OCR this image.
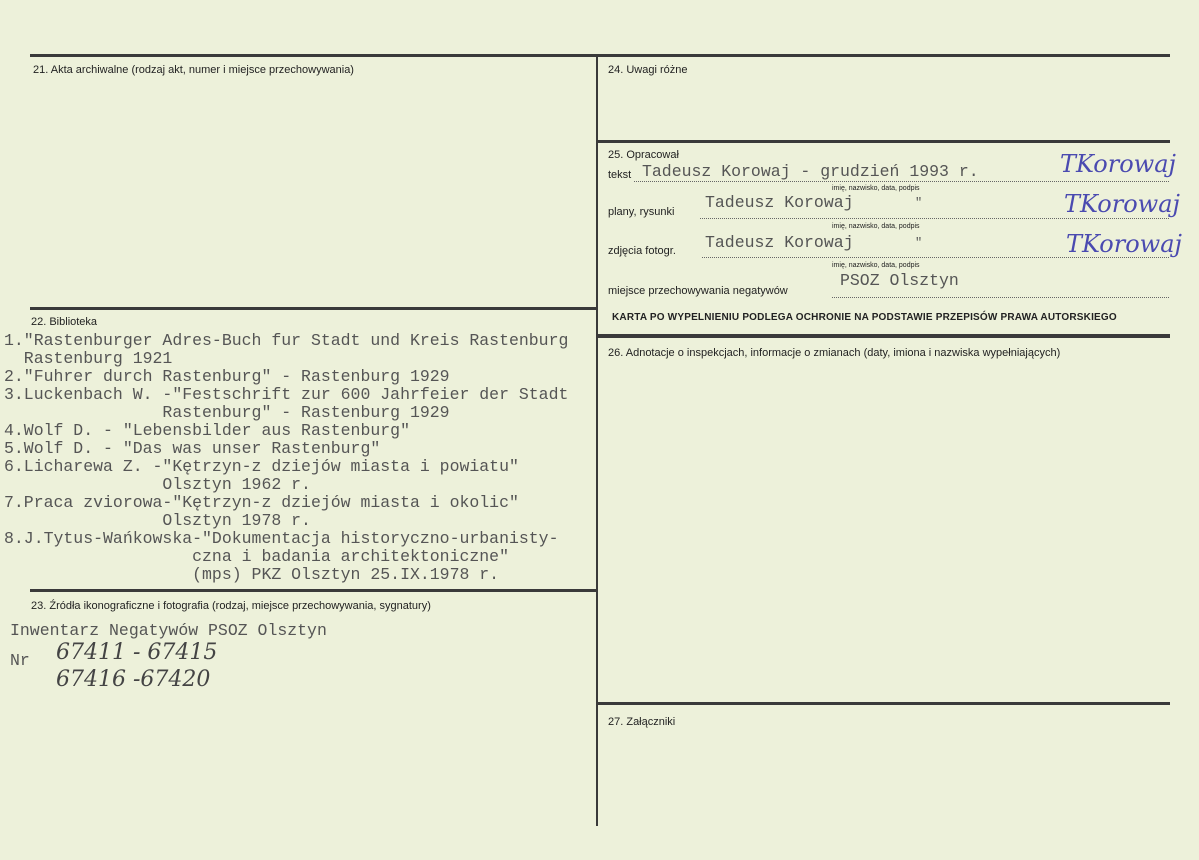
21. Akta archiwalne (rodzaj akt, numer i miejsce przechowywania)
22. Biblioteka
1."Rastenburger Adres-Buch fur Stadt und Kreis Rastenburg
Rastenburg 1921
2."Fuhrer durch Rastenburg" - Rastenburg 1929
3.Luckenbach W. -"Festschrift zur 600 Jahrfeier der Stadt
Rastenburg" - Rastenburg 1929
4.Wolf D. - "Lebensbilder aus Rastenburg"
5.Wolf D. - "Das was unser Rastenburg"
6.Licharewa Z. -"Kętrzyn-z dziejów miasta i powiatu"
Olsztyn 1962 r.
7.Praca zviorowa-"Kętrzyn-z dziejów miasta i okolic"
Olsztyn 1978 r.
8.J.Tytus-Wańkowska-"Dokumentacja historyczno-urbanisty-
czna i badania architektoniczne"
(mps) PKZ Olsztyn 25.IX.1978 r.
23. Źródła ikonograficzne i fotografia (rodzaj, miejsce przechowywania, sygnatury)
Inwentarz Negatywów PSOZ Olsztyn
Nr 67411 - 67415
67416 -67420
24. Uwagi różne
25. Opracował
tekst Tadeusz Korowaj - grudzień 1993 r.
imię, nazwisko, data, podpis
Tadeusz Korowaj	"
plany, rysunki
imię, nazwisko, data, podpis
Tadeusz Korowaj	"
zdjęcia fotogr.
imię, nazwisko, data, podpis
PSOZ Olsztyn
miejsce przechowywania negatywów
TKorowaj
TKorowaj
TKorowaj
KARTA PO WYPELNIENIU PODLEGA OCHRONIE NA PODSTAWIE PRZEPISÓW PRAWA AUTORSKIEGO
26. Adnotacje o inspekcjach, informacje o zmianach (daty, imiona i nazwiska wypełniających)
27. Załączniki
